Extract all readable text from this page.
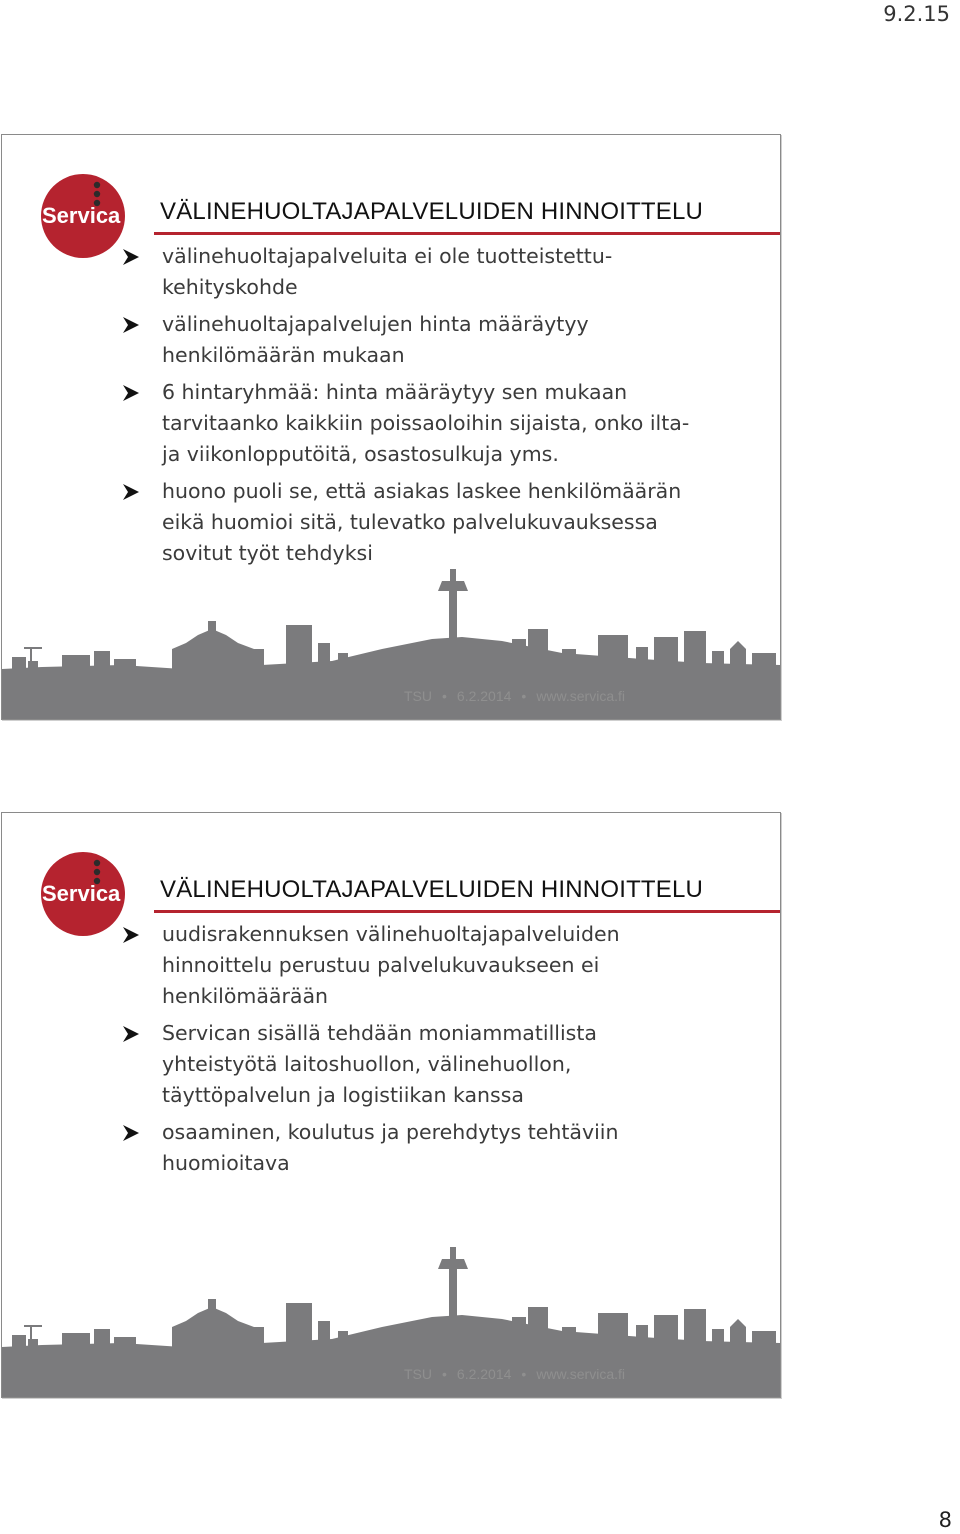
9.2.15
Servica VÄLINEHUOLTAJAPALVELUIDEN HINNOITTELU
välinehuoltajapalveluita ei ole tuotteistettu-
kehityskohde
välinehuoltajapalvelujen hinta määräytyy
henkilömäärän mukaan
6 hintaryhmää: hinta määräytyy sen mukaan
tarvitaanko kaikkiin poissaoloihin sijaista, onko ilta-
ja viikonlopputöitä, osastosulkuja yms.
huono puoli se, että asiakas laskee henkilömäärän
eikä huomioi sitä, tulevatko palvelukuvauksessa
sovitut työt tehdyksi
TSU • 6.2.2014 • www.servica.fi
Servica VÄLINEHUOLTAJAPALVELUIDEN HINNOITTELU
uudisrakennuksen välinehuoltajapalveluiden
hinnoittelu perustuu palvelukuvaukseen ei
henkilömäärään
Servican sisällä tehdään moniammatillista
yhteistyötä laitoshuollon, välinehuollon,
täyttöpalvelun ja logistiikan kanssa
osaaminen, koulutus ja perehdytys tehtäviin
huomioitava
TSU • 6.2.2014 • www.servica.fi
8
